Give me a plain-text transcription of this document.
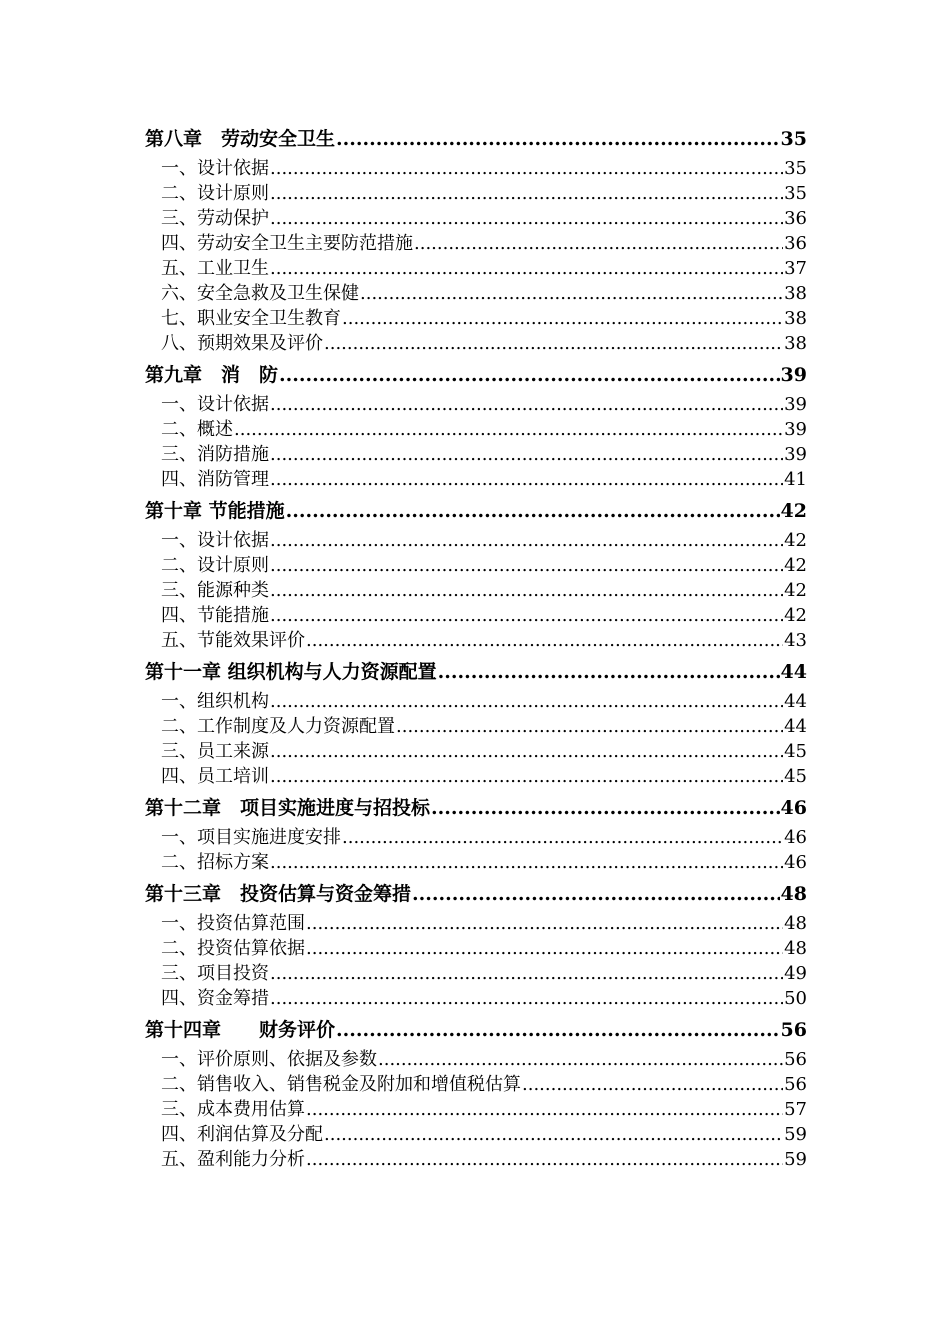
第八章　劳动安全卫生 .....	35
一、设计依据 .....	35
二、设计原则 .....	35
三、劳动保护 .....	36
四、劳动安全卫生主要防范措施 .....	36
五、工业卫生 .....	37
六、安全急救及卫生保健 .....	38
七、职业安全卫生教育 .....	38
八、预期效果及评价 .....	38
第九章　消　防 .....	39
一、设计依据 .....	39
二、概述 .....	39
三、消防措施 .....	39
四、消防管理 .....	41
第十章 节能措施 .....	42
一、设计依据 .....	42
二、设计原则 .....	42
三、能源种类 .....	42
四、节能措施 .....	42
五、节能效果评价 .....	43
第十一章 组织机构与人力资源配置 .....	44
一、组织机构 .....	44
二、工作制度及人力资源配置 .....	44
三、员工来源 .....	45
四、员工培训 .....	45
第十二章　项目实施进度与招投标 .....	46
一、项目实施进度安排 .....	46
二、招标方案 .....	46
第十三章　投资估算与资金筹措 .....	48
一、投资估算范围 .....	48
二、投资估算依据 .....	48
三、项目投资 .....	49
四、资金筹措 .....	50
第十四章　　财务评价 .....	56
一、评价原则、依据及参数 .....	56
二、销售收入、销售税金及附加和增值税估算 .....	56
三、成本费用估算 .....	57
四、利润估算及分配 .....	59
五、盈利能力分析 .....	59
